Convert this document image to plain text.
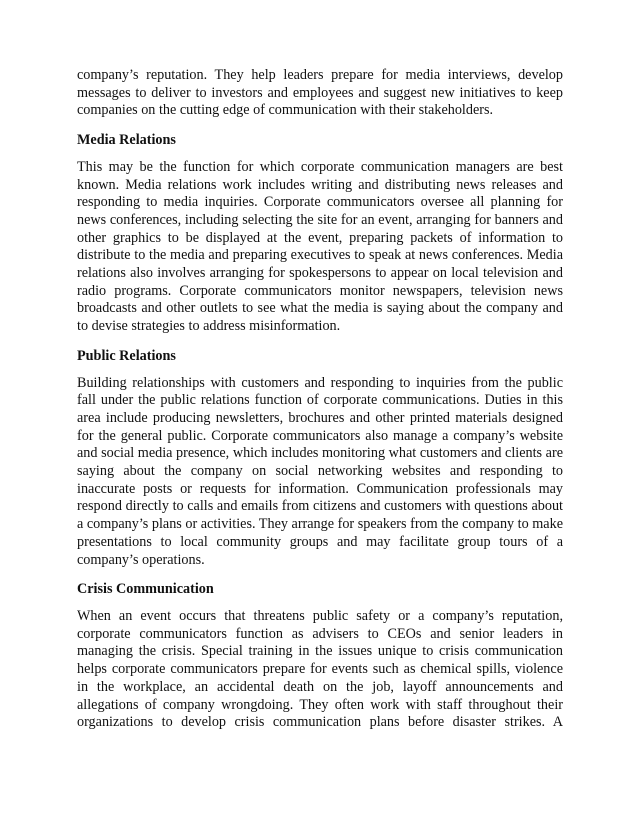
company’s reputation. They help leaders prepare for media interviews, develop messages to deliver to investors and employees and suggest new initiatives to keep companies on the cutting edge of communication with their stakeholders.

Media Relations

This may be the function for which corporate communication managers are best known. Media relations work includes writing and distributing news releases and responding to media inquiries. Corporate communicators oversee all planning for news conferences, including selecting the site for an event, arranging for banners and other graphics to be displayed at the event, preparing packets of information to distribute to the media and preparing executives to speak at news conferences. Media relations also involves arranging for spokespersons to appear on local television and radio programs. Corporate communicators monitor newspapers, television news broadcasts and other outlets to see what the media is saying about the company and to devise strategies to address misinformation.

Public Relations

Building relationships with customers and responding to inquiries from the public fall under the public relations function of corporate communications. Duties in this area include producing newsletters, brochures and other printed materials designed for the general public. Corporate communicators also manage a company’s website and social media presence, which includes monitoring what customers and clients are saying about the company on social networking websites and responding to inaccurate posts or requests for information. Communication professionals may respond directly to calls and emails from citizens and customers with questions about a company’s plans or activities. They arrange for speakers from the company to make presentations to local community groups and may facilitate group tours of a company’s operations.

Crisis Communication

When an event occurs that threatens public safety or a company’s reputation, corporate communicators function as advisers to CEOs and senior leaders in managing the crisis. Special training in the issues unique to crisis communication helps corporate communicators prepare for events such as chemical spills, violence in the workplace, an accidental death on the job, layoff announcements and allegations of company wrongdoing. They often work with staff throughout their organizations to develop crisis communication plans before disaster strikes. A
